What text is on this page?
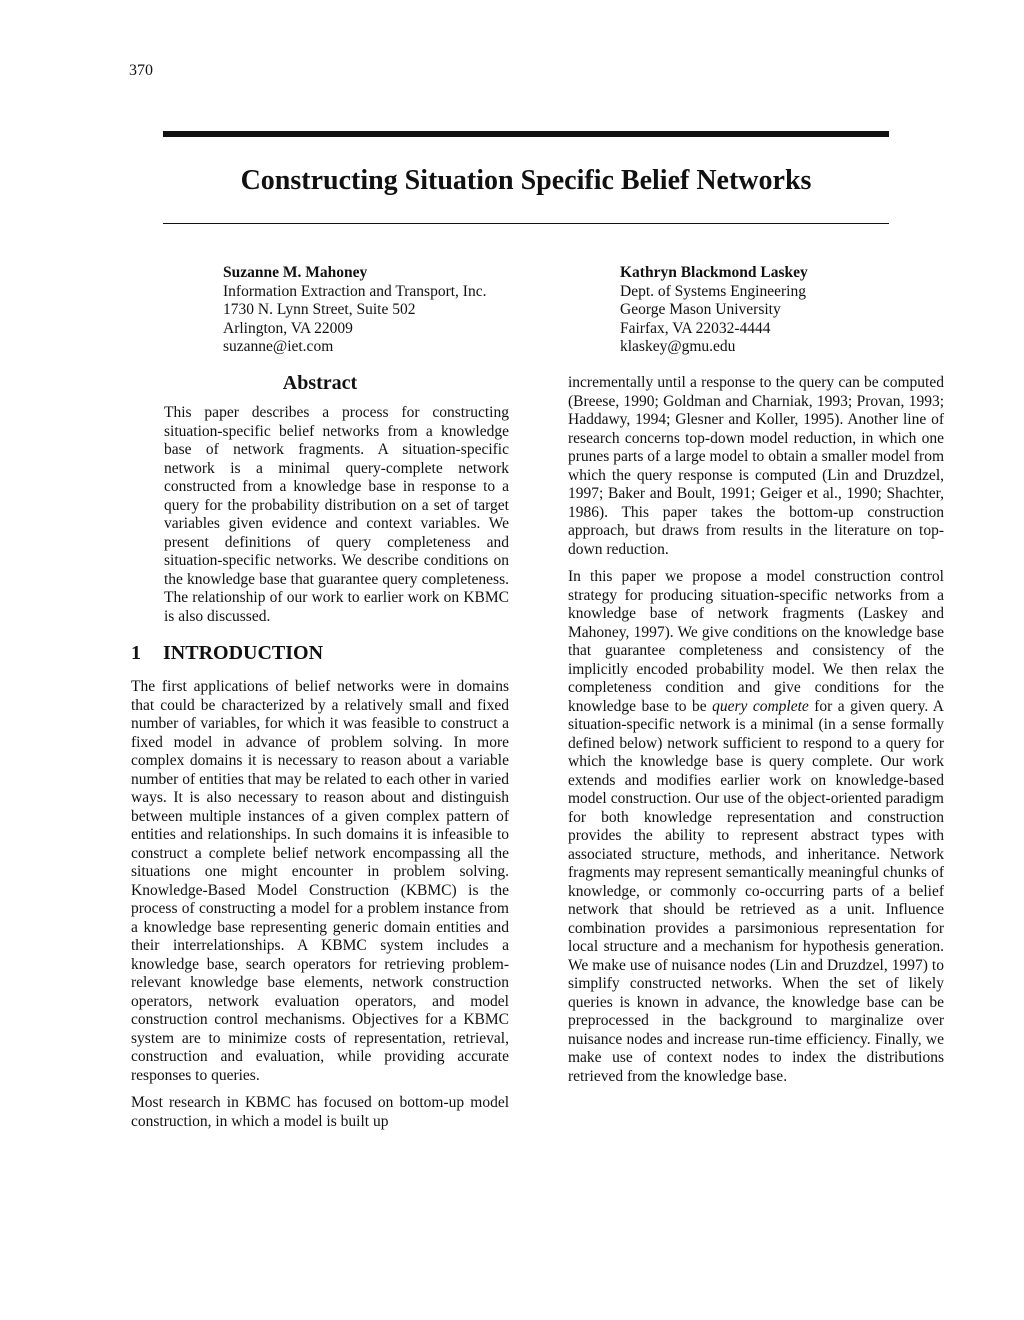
370
Constructing Situation Specific Belief Networks
Suzanne M. Mahoney
Information Extraction and Transport, Inc.
1730 N. Lynn Street, Suite 502
Arlington, VA 22009
suzanne@iet.com
Kathryn Blackmond Laskey
Dept. of Systems Engineering
George Mason University
Fairfax, VA 22032-4444
klaskey@gmu.edu
Abstract

This paper describes a process for constructing situation-specific belief networks from a knowledge base of network fragments. A situation-specific network is a minimal query-complete network constructed from a knowledge base in response to a query for the probability distribution on a set of target variables given evidence and context variables. We present definitions of query completeness and situation-specific networks. We describe conditions on the knowledge base that guarantee query completeness. The relationship of our work to earlier work on KBMC is also discussed.

1 INTRODUCTION

The first applications of belief networks were in domains that could be characterized by a relatively small and fixed number of variables, for which it was feasible to construct a fixed model in advance of problem solving. In more complex domains it is necessary to reason about a variable number of entities that may be related to each other in varied ways. It is also necessary to reason about and distinguish between multiple instances of a given complex pattern of entities and relationships. In such domains it is infeasible to construct a complete belief network encompassing all the situations one might encounter in problem solving. Knowledge-Based Model Construction (KBMC) is the process of constructing a model for a problem instance from a knowledge base representing generic domain entities and their interrelationships. A KBMC system includes a knowledge base, search operators for retrieving problem-relevant knowledge base elements, network construction operators, network evaluation operators, and model construction control mechanisms. Objectives for a KBMC system are to minimize costs of representation, retrieval, construction and evaluation, while providing accurate responses to queries.

Most research in KBMC has focused on bottom-up model construction, in which a model is built up

incrementally until a response to the query can be computed (Breese, 1990; Goldman and Charniak, 1993; Provan, 1993; Haddawy, 1994; Glesner and Koller, 1995). Another line of research concerns top-down model reduction, in which one prunes parts of a large model to obtain a smaller model from which the query response is computed (Lin and Druzdzel, 1997; Baker and Boult, 1991; Geiger et al., 1990; Shachter, 1986). This paper takes the bottom-up construction approach, but draws from results in the literature on top-down reduction.

In this paper we propose a model construction control strategy for producing situation-specific networks from a knowledge base of network fragments (Laskey and Mahoney, 1997). We give conditions on the knowledge base that guarantee completeness and consistency of the implicitly encoded probability model. We then relax the completeness condition and give conditions for the knowledge base to be query complete for a given query. A situation-specific network is a minimal (in a sense formally defined below) network sufficient to respond to a query for which the knowledge base is query complete. Our work extends and modifies earlier work on knowledge-based model construction. Our use of the object-oriented paradigm for both knowledge representation and construction provides the ability to represent abstract types with associated structure, methods, and inheritance. Network fragments may represent semantically meaningful chunks of knowledge, or commonly co-occurring parts of a belief network that should be retrieved as a unit. Influence combination provides a parsimonious representation for local structure and a mechanism for hypothesis generation. We make use of nuisance nodes (Lin and Druzdzel, 1997) to simplify constructed networks. When the set of likely queries is known in advance, the knowledge base can be preprocessed in the background to marginalize over nuisance nodes and increase run-time efficiency. Finally, we make use of context nodes to index the distributions retrieved from the knowledge base.
